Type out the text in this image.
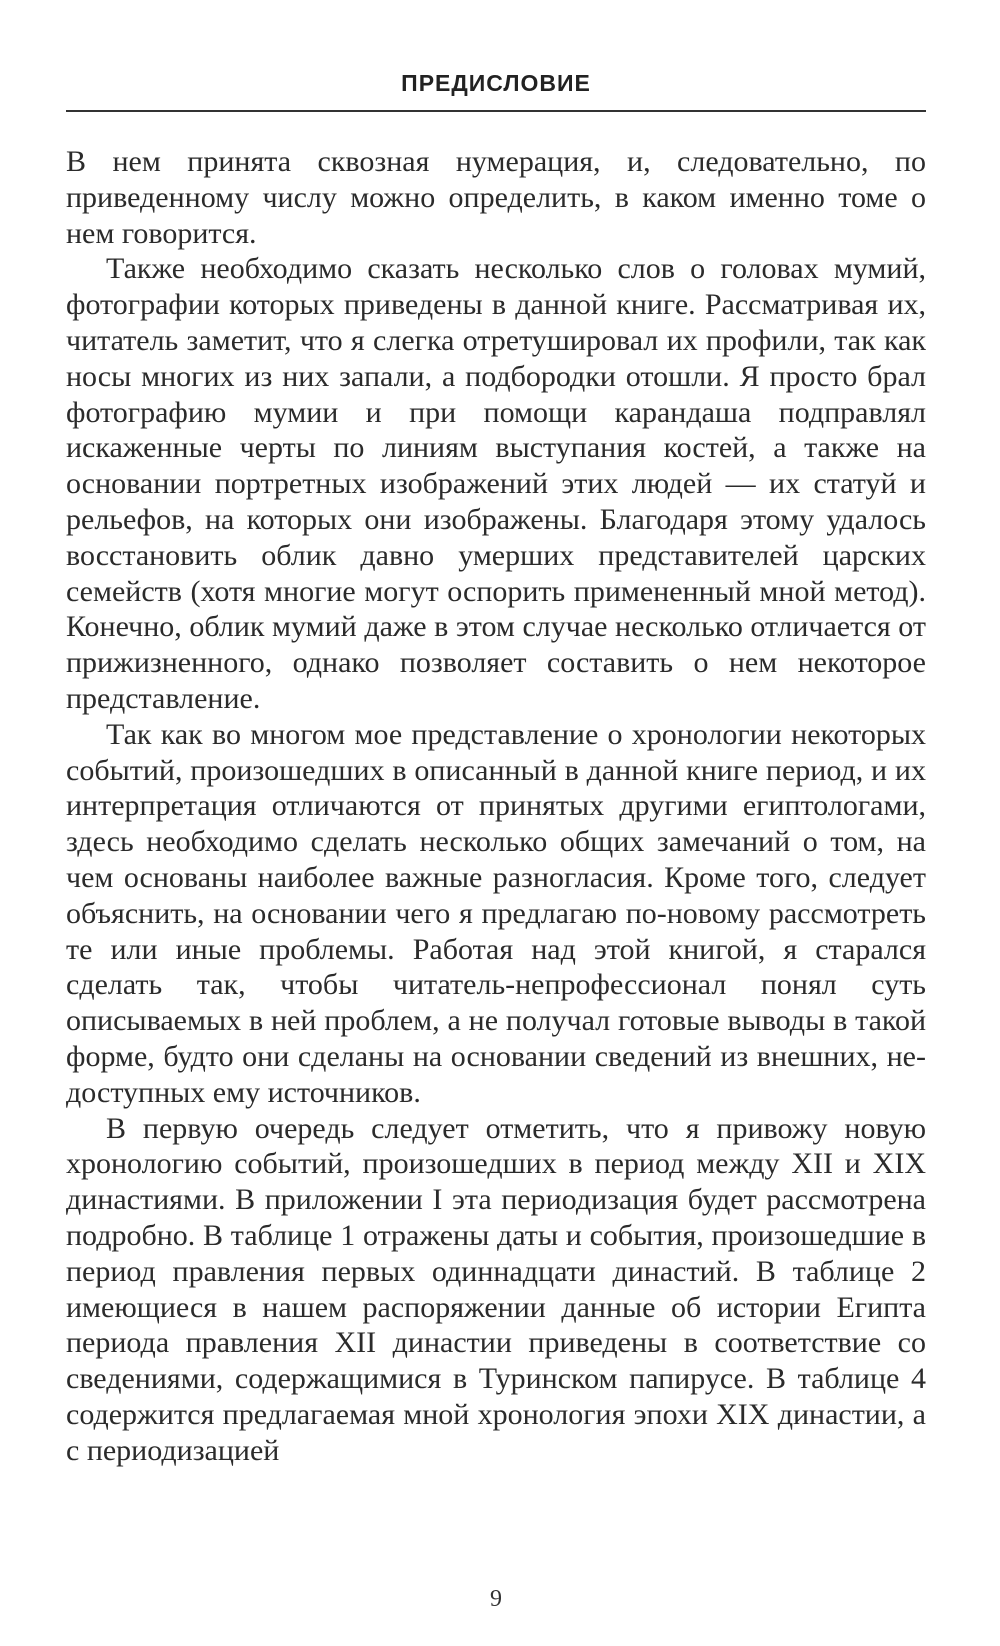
ПРЕДИСЛОВИЕ

В нем принята сквозная нумерация, и, следовательно, по приведенному числу можно определить, в каком именно томе о нем говорится.

Также необходимо сказать несколько слов о головах мумий, фотографии которых приведены в данной книге. Рассматривая их, читатель заметит, что я слегка отретушировал их профили, так как носы многих из них запали, а подбородки отошли. Я просто брал фотографию мумии и при помощи карандаша подправлял искаженные черты по линиям выступания костей, а также на основании портретных изображений этих людей — их статуй и рельефов, на которых они изображены. Благодаря этому удалось восстановить облик давно умерших представителей царских семейств (хотя многие могут оспорить примененный мной метод). Конечно, облик мумий даже в этом случае несколько отличается от прижизненного, однако позволяет составить о нем некоторое представление.

Так как во многом мое представление о хронологии некоторых событий, произошедших в описанный в данной книге период, и их интерпретация отличаются от принятых другими египтологами, здесь необходимо сделать несколько общих замечаний о том, на чем основаны наиболее важные разногласия. Кроме того, следует объяснить, на основании чего я предлагаю по-новому рассмотреть те или иные проблемы. Работая над этой книгой, я старался сделать так, чтобы читатель-непрофессионал понял суть описываемых в ней проблем, а не получал готовые выводы в такой форме, будто они сделаны на основании сведений из внешних, недоступных ему источников.

В первую очередь следует отметить, что я привожу новую хронологию событий, произошедших в период между XII и XIX династиями. В приложении I эта периодизация будет рассмотрена подробно. В таблице 1 отражены даты и события, произошедшие в период правления первых одиннадцати династий. В таблице 2 имеющиеся в нашем распоряжении данные об истории Египта периода правления XII династии приведены в соответствие со сведениями, содержащимися в Туринском папирусе. В таблице 4 содержится предлагаемая мной хронология эпохи XIX династии, а с периодизацией

9
